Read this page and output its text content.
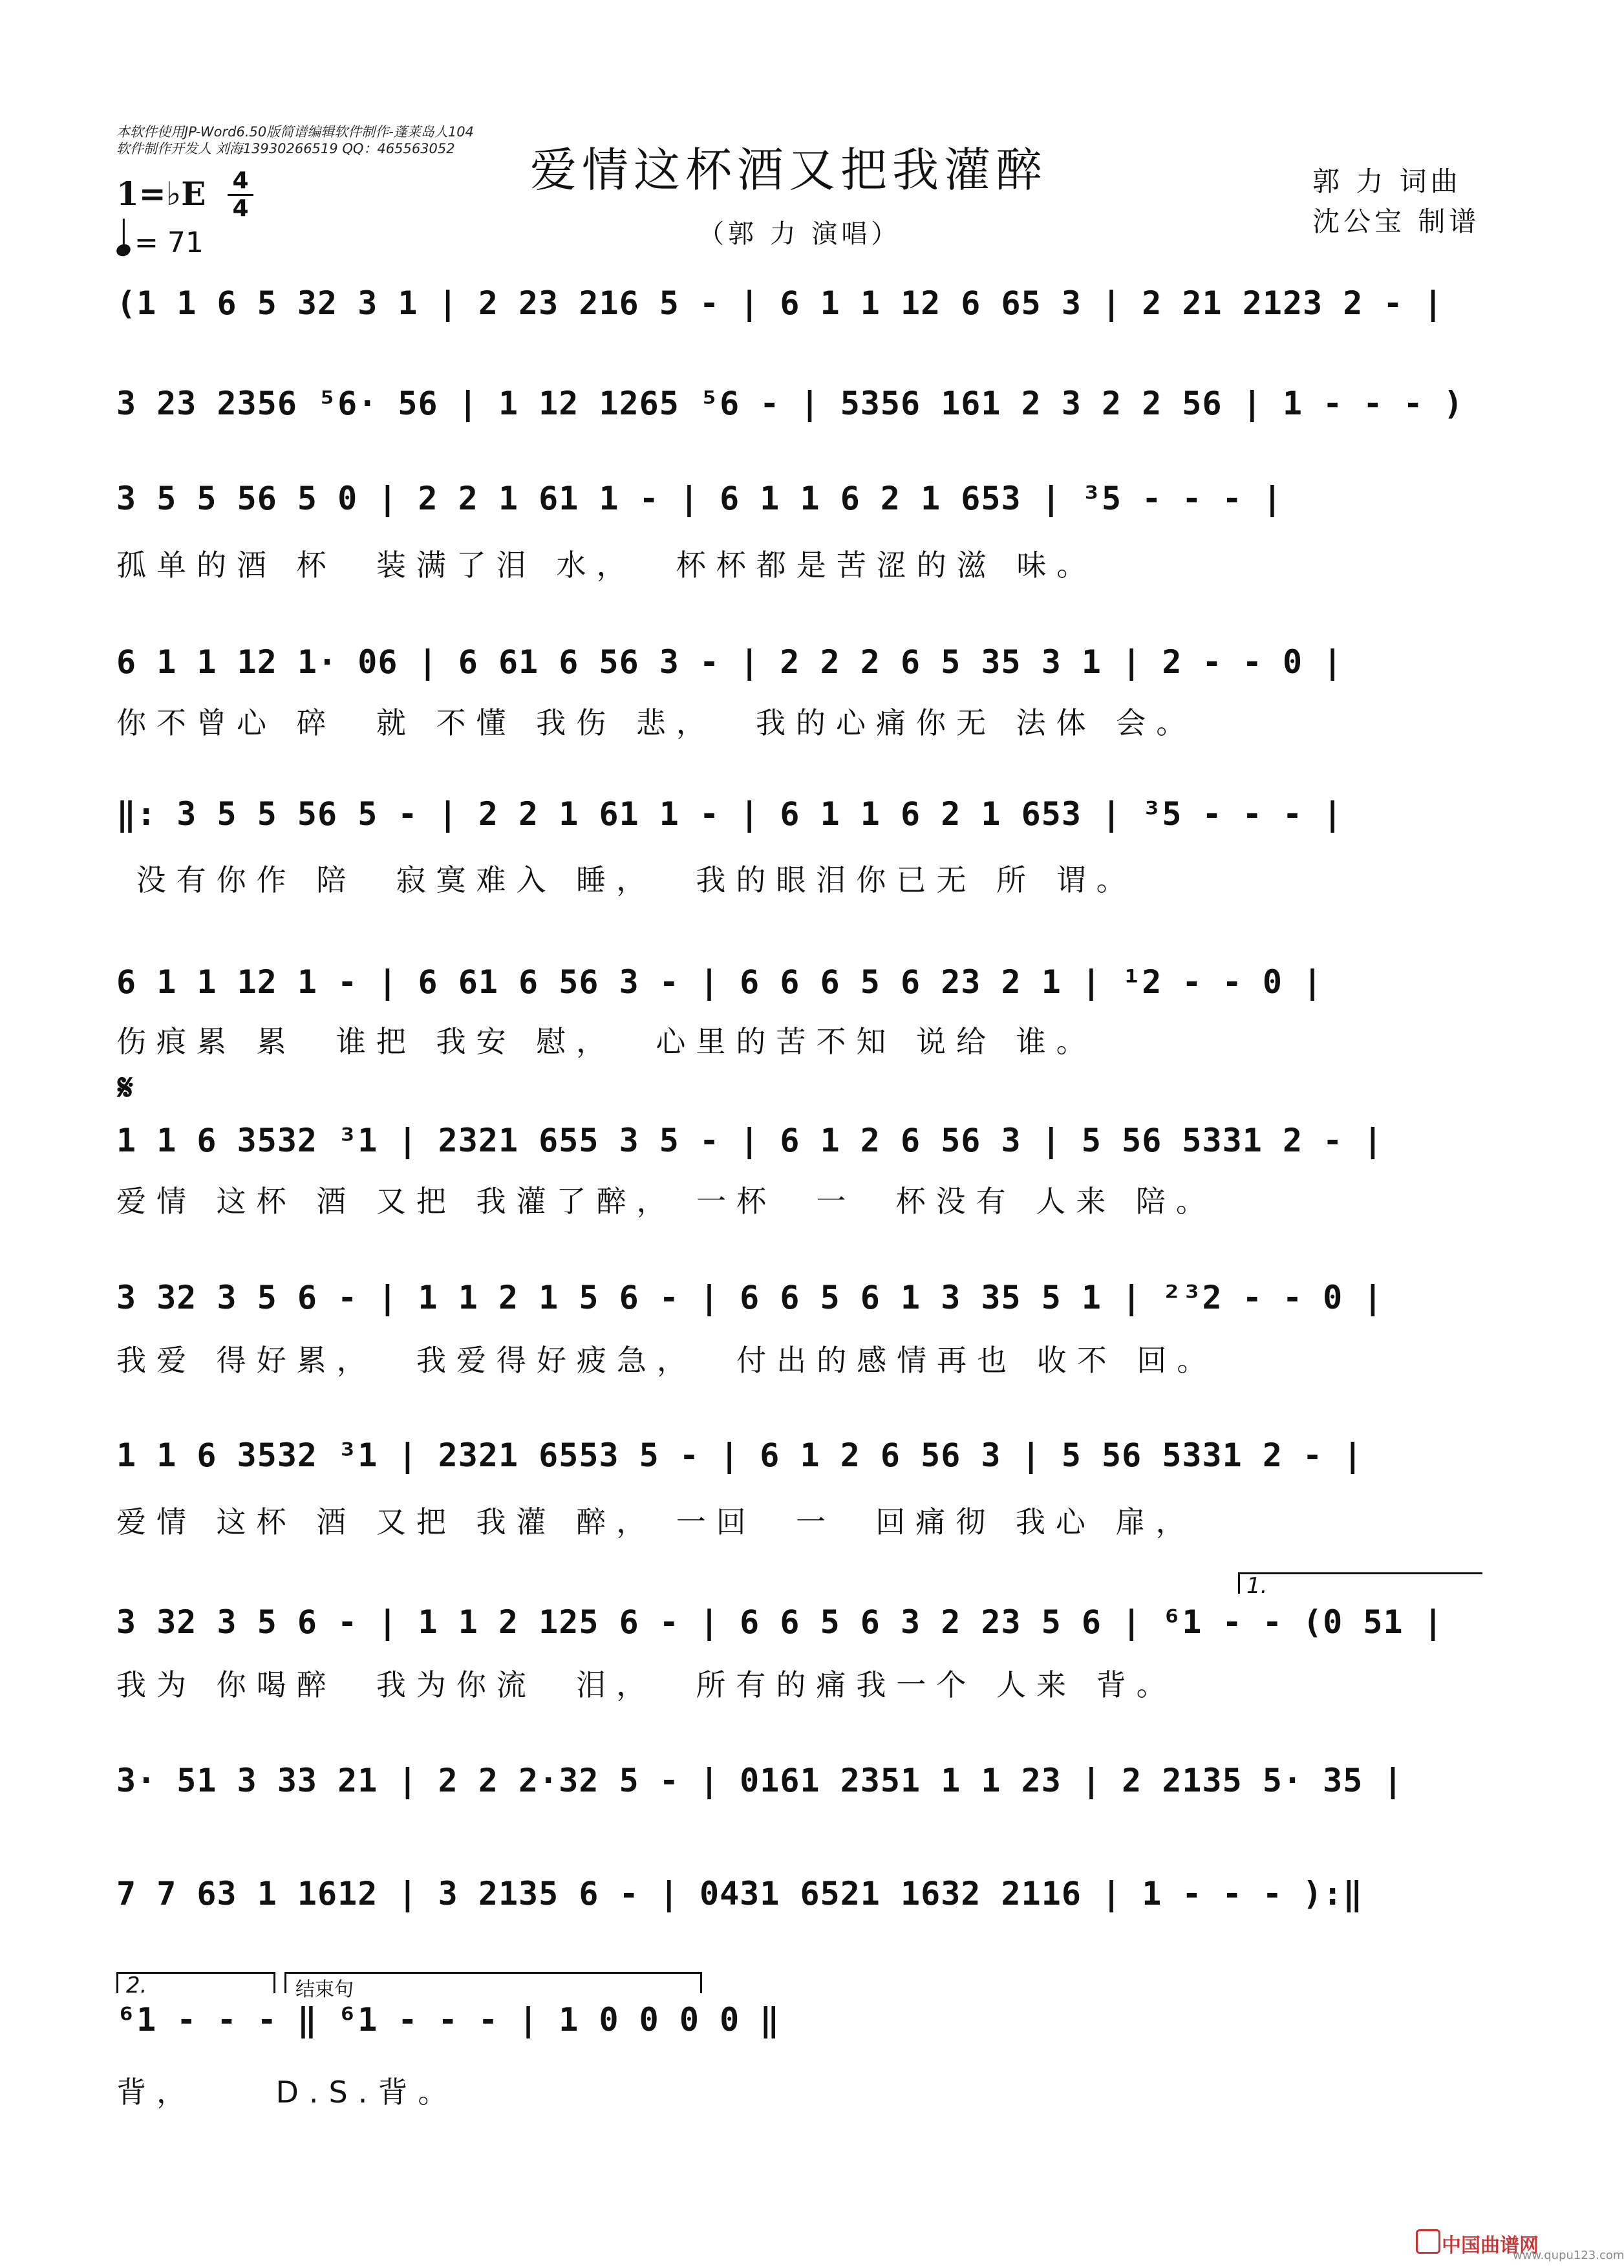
本软件使用JP-Word6.50版简谱编辑软件制作-蓬莱岛人104
软件制作开发人 刘海13930266519 QQ：465563052 爱情这杯酒又把我灌醉
（郭 力 演唱）
郭 力 词曲
沈公宝 制谱
1=♭E 4
4
= 71
(1 1 6 5 32 3 1 | 2 23 216 5 - | 6 1 1 12 6 65 3 | 2 21 2123 2 - |
3 23 2356 ⁵6· 56 | 1 12 1265 ⁵6 - | 5356 161 2 3 2 2 56 | 1 - - - )
3 5 5 56 5 0 | 2 2 1 61 1 - | 6 1 1 6 2 1 653 | ³5 - - - |
孤单的酒 杯  装满了泪 水，  杯杯都是苦涩的滋 味。
6 1 1 12 1· 06 | 6 61 6 56 3 - | 2 2 2 6 5 35 3 1 | 2 - - 0 |
你不曾心 碎  就 不懂 我伤 悲，  我的心痛你无 法体 会。
‖: 3 5 5 56 5 - | 2 2 1 61 1 - | 6 1 1 6 2 1 653 | ³5 - - - |
没有你作 陪  寂寞难入 睡，  我的眼泪你已无 所 谓。
6 1 1 12 1 - | 6 61 6 56 3 - | 6 6 6 5 6 23 2 1 | ¹2 - - 0 |
伤痕累 累  谁把 我安 慰，  心里的苦不知 说给 谁。
𝄋
1 1 6 3532 ³1 | 2321 655 3 5 - | 6 1 2 6 56 3 | 5 56 5331 2 - |
爱情 这杯 酒 又把 我灌了醉， 一杯  一  杯没有 人来 陪。
3 32 3 5 6 - | 1 1 2 1 5 6 - | 6 6 5 6 1 3 35 5 1 | ²³2 - - 0 |
我爱 得好累，  我爱得好疲急，  付出的感情再也 收不 回。
1 1 6 3532 ³1 | 2321 6553 5 - | 6 1 2 6 56 3 | 5 56 5331 2 - |
爱情 这杯 酒 又把 我灌 醉， 一回  一  回痛彻 我心 扉，
1.
3 32 3 5 6 - | 1 1 2 125 6 - | 6 6 5 6 3 2 23 5 6 | ⁶1 - - (0 51 |
我为 你喝醉  我为你流  泪，  所有的痛我一个 人来 背。
3· 51 3 33 21 | 2 2 2·32 5 - | 0161 2351 1 1 23 | 2 2135 5· 35 |
7 7 63 1 1612 | 3 2135 6 - | 0431 6521 1632 2116 | 1 - - - ):‖
2.	结束句
⁶1 - - - ‖ ⁶1 - - - | 1 0 0 0 0 ‖
背，    D.S.背。
中国曲谱网
www.qupu123.com
